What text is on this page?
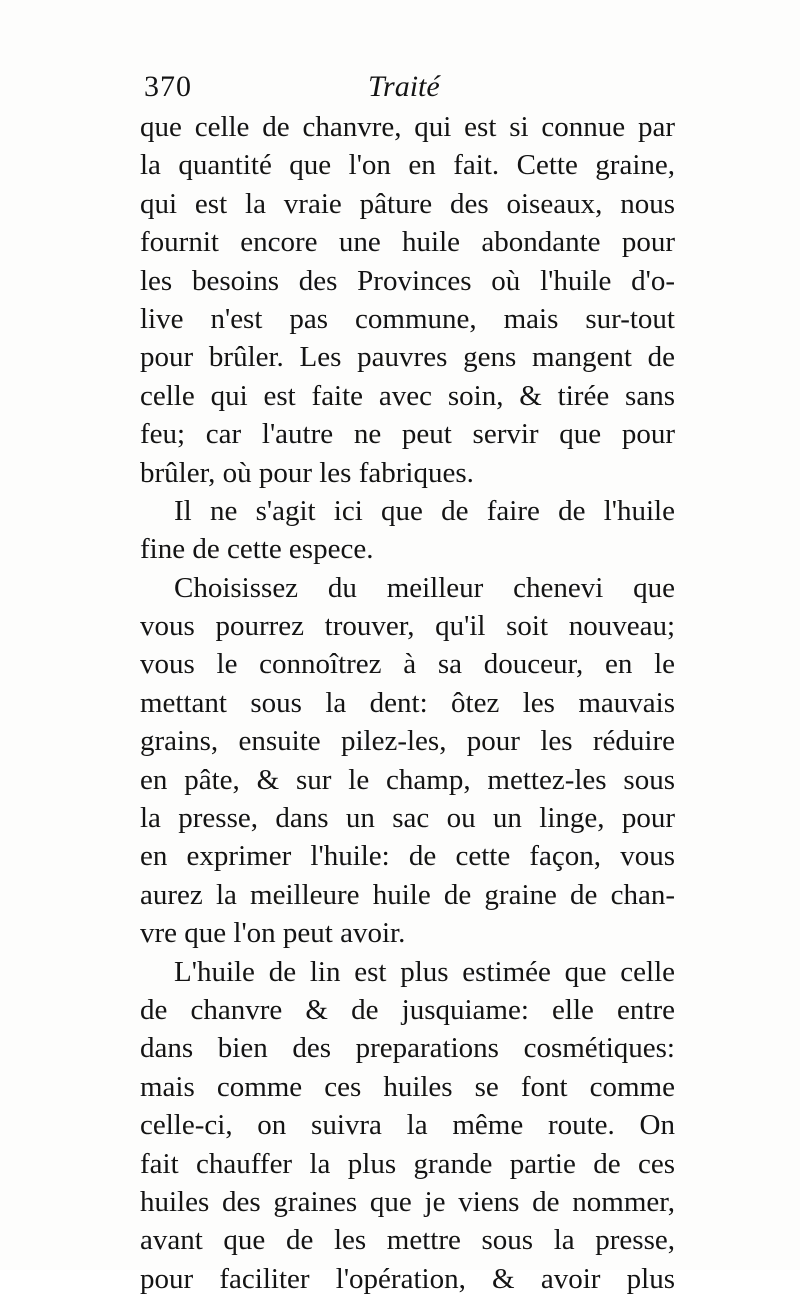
370	Traité
que celle de chanvre, qui est si connue par
la quantité que l'on en fait. Cette graine,
qui est la vraie pâture des oiseaux, nous
fournit encore une huile abondante pour
les besoins des Provinces où l'huile d'o-
live n'est pas commune, mais sur-tout
pour brûler. Les pauvres gens mangent de
celle qui est faite avec soin, & tirée sans
feu; car l'autre ne peut servir que pour
brûler, où pour les fabriques.
Il ne s'agit ici que de faire de l'huile
fine de cette espece.
Choisissez du meilleur chenevi que
vous pourrez trouver, qu'il soit nouveau;
vous le connoîtrez à sa douceur, en le
mettant sous la dent: ôtez les mauvais
grains, ensuite pilez-les, pour les réduire
en pâte, & sur le champ, mettez-les sous
la presse, dans un sac ou un linge, pour
en exprimer l'huile: de cette façon, vous
aurez la meilleure huile de graine de chan-
vre que l'on peut avoir.
L'huile de lin est plus estimée que celle
de chanvre & de jusquiame: elle entre
dans bien des preparations cosmétiques:
mais comme ces huiles se font comme
celle-ci, on suivra la même route. On
fait chauffer la plus grande partie de ces
huiles des graines que je viens de nommer,
avant que de les mettre sous la presse,
pour faciliter l'opération, & avoir plus
